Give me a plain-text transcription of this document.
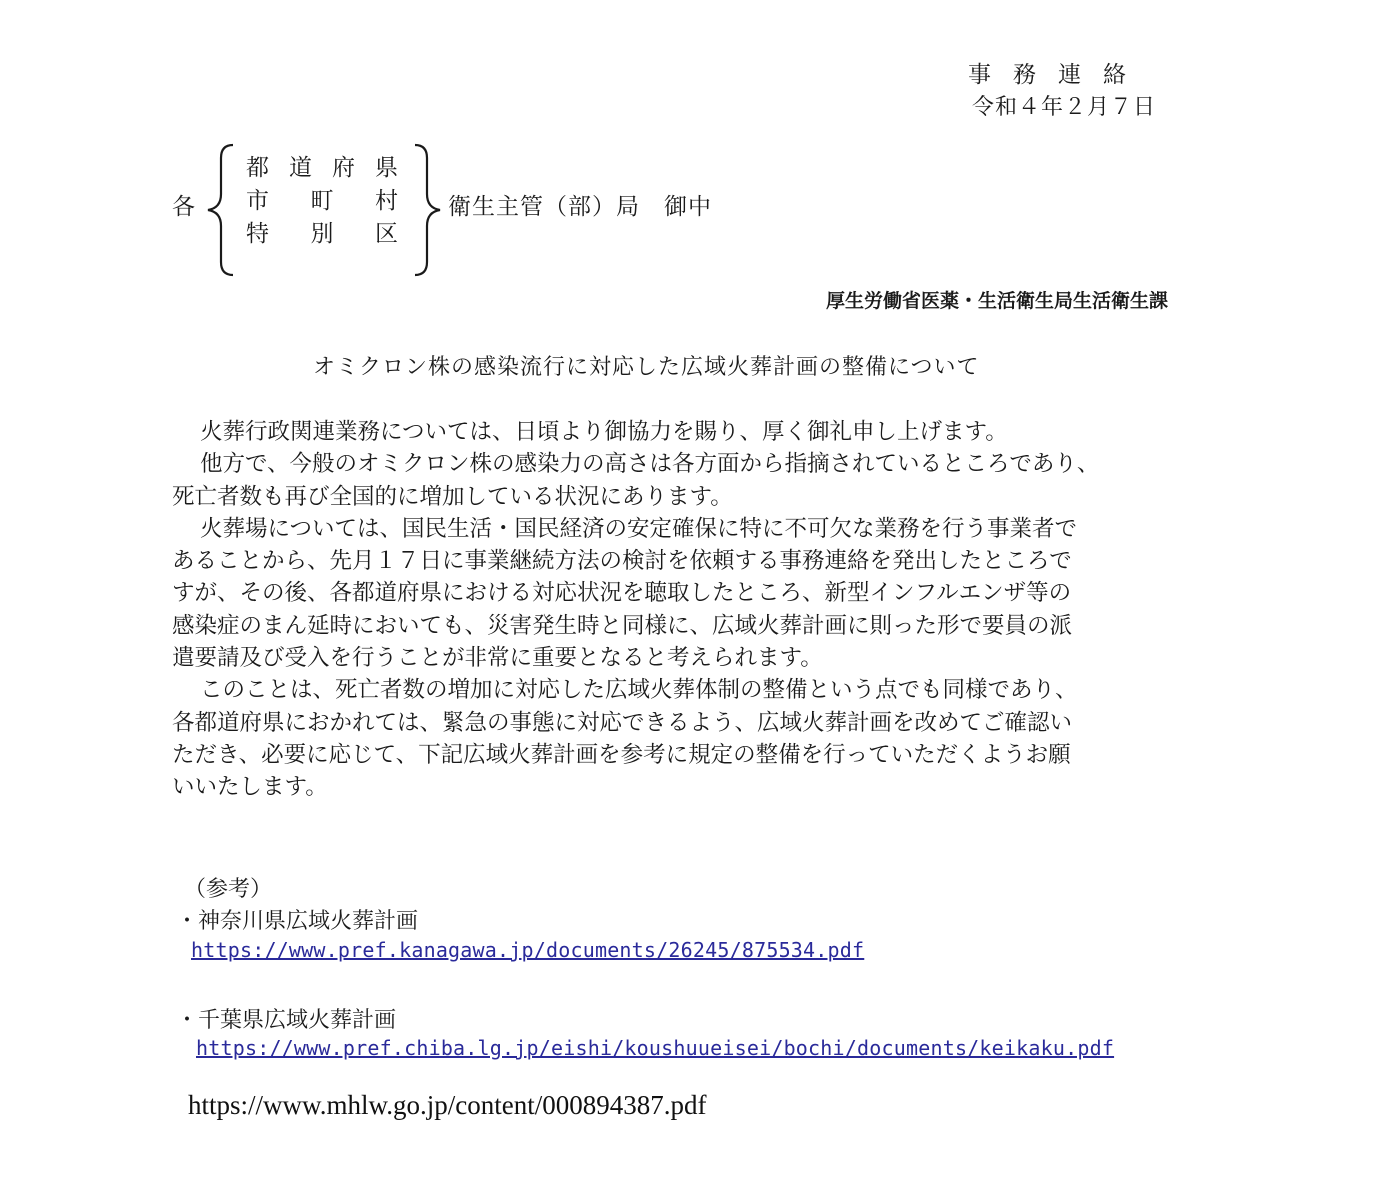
事務連絡
令和４年２月７日
各
都 道 府 県
市 町 村
特 別 区
衛生主管（部）局　御中
厚生労働省医薬・生活衛生局生活衛生課
オミクロン株の感染流行に対応した広域火葬計画の整備について

火葬行政関連業務については、日頃より御協力を賜り、厚く御礼申し上げます。

他方で、今般のオミクロン株の感染力の高さは各方面から指摘されているところであり、
死亡者数も再び全国的に増加している状況にあります。

火葬場については、国民生活・国民経済の安定確保に特に不可欠な業務を行う事業者で
あることから、先月１７日に事業継続方法の検討を依頼する事務連絡を発出したところで
すが、その後、各都道府県における対応状況を聴取したところ、新型インフルエンザ等の
感染症のまん延時においても、災害発生時と同様に、広域火葬計画に則った形で要員の派
遣要請及び受入を行うことが非常に重要となると考えられます。

このことは、死亡者数の増加に対応した広域火葬体制の整備という点でも同様であり、
各都道府県におかれては、緊急の事態に対応できるよう、広域火葬計画を改めてご確認い
ただき、必要に応じて、下記広域火葬計画を参考に規定の整備を行っていただくようお願
いいたします。

（参考）
・神奈川県広域火葬計画
https://www.pref.kanagawa.jp/documents/26245/875534.pdf
・千葉県広域火葬計画
https://www.pref.chiba.lg.jp/eishi/koushuueisei/bochi/documents/keikaku.pdf
https://www.mhlw.go.jp/content/000894387.pdf
